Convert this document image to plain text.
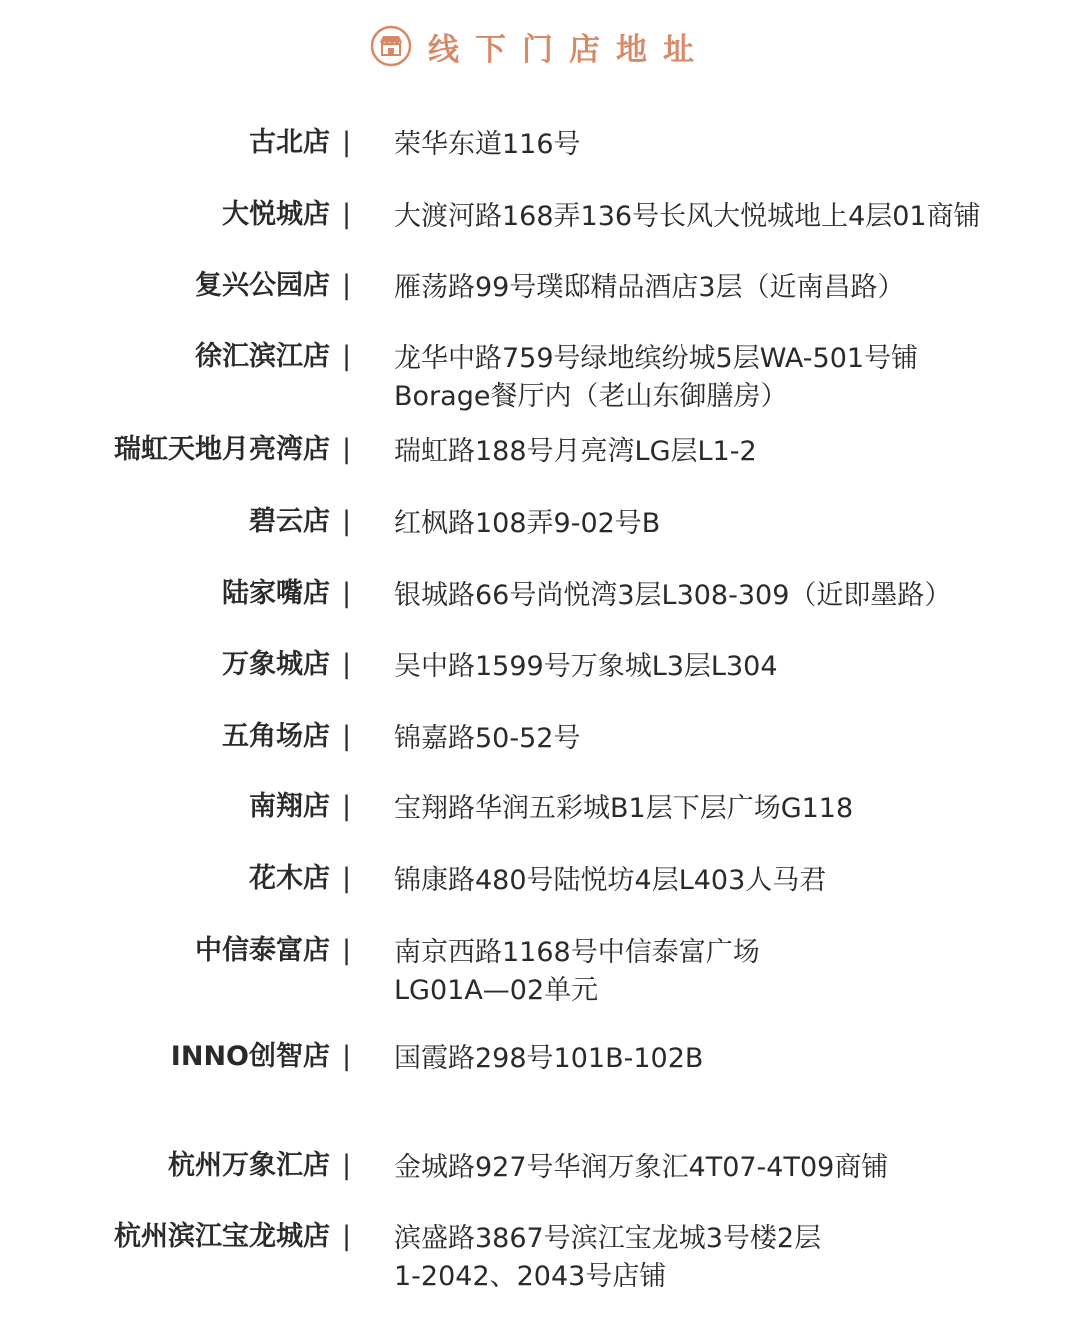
线下门店地址
古北店 | 荣华东道116号
大悦城店 | 大渡河路168弄136号长风大悦城地上4层01商铺
复兴公园店 | 雁荡路99号璞邸精品酒店3层（近南昌路）
徐汇滨江店 | 龙华中路759号绿地缤纷城5层WA-501号铺
Borage餐厅内（老山东御膳房）
瑞虹天地月亮湾店 | 瑞虹路188号月亮湾LG层L1-2
碧云店 | 红枫路108弄9-02号B
陆家嘴店 | 银城路66号尚悦湾3层L308-309（近即墨路）
万象城店 | 吴中路1599号万象城L3层L304
五角场店 | 锦嘉路50-52号
南翔店 | 宝翔路华润五彩城B1层下层广场G118
花木店 | 锦康路480号陆悦坊4层L403人马君
中信泰富店 | 南京西路1168号中信泰富广场
LG01A—02单元
INNO创智店 | 国霞路298号101B-102B
杭州万象汇店 | 金城路927号华润万象汇4T07-4T09商铺
杭州滨江宝龙城店 | 滨盛路3867号滨江宝龙城3号楼2层
1-2042、2043号店铺
